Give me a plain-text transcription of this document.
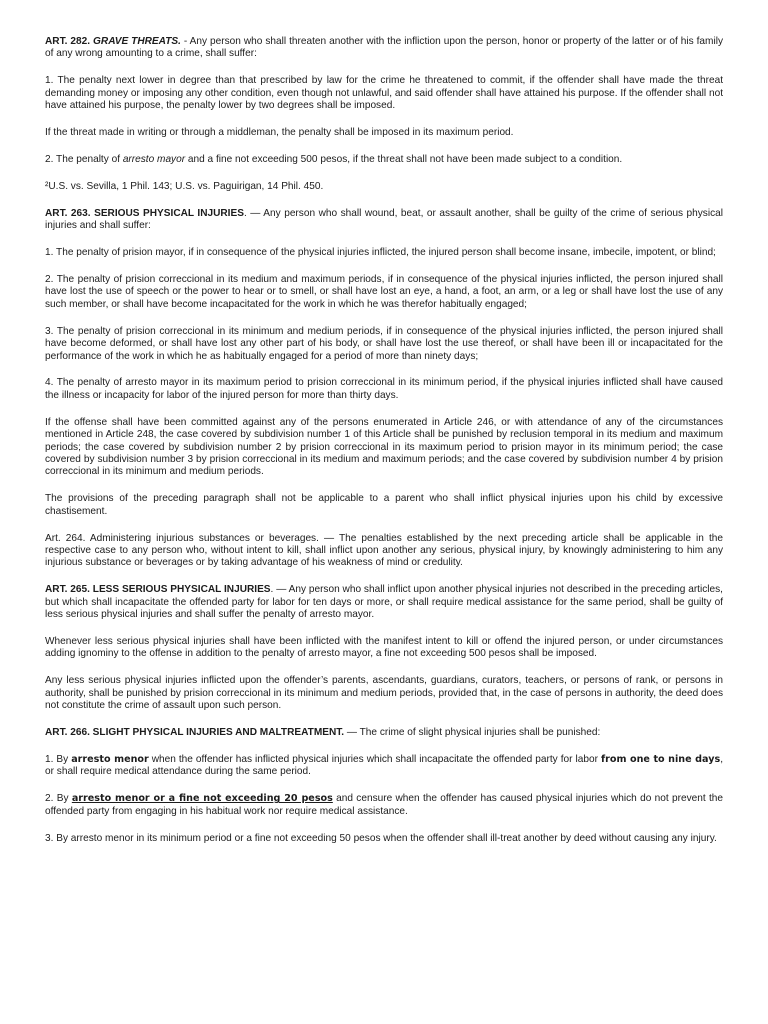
ART. 282. GRAVE THREATS. - Any person who shall threaten another with the infliction upon the person, honor or property of the latter or of his family of any wrong amounting to a crime, shall suffer:

1. The penalty next lower in degree than that prescribed by law for the crime he threatened to commit, if the offender shall have made the threat demanding money or imposing any other condition, even though not unlawful, and said offender shall have attained his purpose. If the offender shall not have attained his purpose, the penalty lower by two degrees shall be imposed.

If the threat made in writing or through a middleman, the penalty shall be imposed in its maximum period.

2. The penalty of arresto mayor and a fine not exceeding 500 pesos, if the threat shall not have been made subject to a condition.

²U.S. vs. Sevilla, 1 Phil. 143; U.S. vs. Paguirigan, 14 Phil. 450.

ART. 263. SERIOUS PHYSICAL INJURIES. — Any person who shall wound, beat, or assault another, shall be guilty of the crime of serious physical injuries and shall suffer:

1. The penalty of prision mayor, if in consequence of the physical injuries inflicted, the injured person shall become insane, imbecile, impotent, or blind;

2. The penalty of prision correccional in its medium and maximum periods, if in consequence of the physical injuries inflicted, the person injured shall have lost the use of speech or the power to hear or to smell, or shall have lost an eye, a hand, a foot, an arm, or a leg or shall have lost the use of any such member, or shall have become incapacitated for the work in which he was therefor habitually engaged;

3. The penalty of prision correccional in its minimum and medium periods, if in consequence of the physical injuries inflicted, the person injured shall have become deformed, or shall have lost any other part of his body, or shall have lost the use thereof, or shall have been ill or incapacitated for the performance of the work in which he as habitually engaged for a period of more than ninety days;

4. The penalty of arresto mayor in its maximum period to prision correccional in its minimum period, if the physical injuries inflicted shall have caused the illness or incapacity for labor of the injured person for more than thirty days.

If the offense shall have been committed against any of the persons enumerated in Article 246, or with attendance of any of the circumstances mentioned in Article 248, the case covered by subdivision number 1 of this Article shall be punished by reclusion temporal in its medium and maximum periods; the case covered by subdivision number 2 by prision correccional in its maximum period to prision mayor in its minimum period; the case covered by subdivision number 3 by prision correccional in its medium and maximum periods; and the case covered by subdivision number 4 by prision correccional in its minimum and medium periods.

The provisions of the preceding paragraph shall not be applicable to a parent who shall inflict physical injuries upon his child by excessive chastisement.

Art. 264. Administering injurious substances or beverages. — The penalties established by the next preceding article shall be applicable in the respective case to any person who, without intent to kill, shall inflict upon another any serious, physical injury, by knowingly administering to him any injurious substance or beverages or by taking advantage of his weakness of mind or credulity.

ART. 265. LESS SERIOUS PHYSICAL INJURIES. — Any person who shall inflict upon another physical injuries not described in the preceding articles, but which shall incapacitate the offended party for labor for ten days or more, or shall require medical assistance for the same period, shall be guilty of less serious physical injuries and shall suffer the penalty of arresto mayor.

Whenever less serious physical injuries shall have been inflicted with the manifest intent to kill or offend the injured person, or under circumstances adding ignominy to the offense in addition to the penalty of arresto mayor, a fine not exceeding 500 pesos shall be imposed.

Any less serious physical injuries inflicted upon the offender’s parents, ascendants, guardians, curators, teachers, or persons of rank, or persons in authority, shall be punished by prision correccional in its minimum and medium periods, provided that, in the case of persons in authority, the deed does not constitute the crime of assault upon such person.

ART. 266. SLIGHT PHYSICAL INJURIES AND MALTREATMENT. — The crime of slight physical injuries shall be punished:

1. By arresto menor when the offender has inflicted physical injuries which shall incapacitate the offended party for labor from one to nine days, or shall require medical attendance during the same period.

2. By arresto menor or a fine not exceeding 20 pesos and censure when the offender has caused physical injuries which do not prevent the offended party from engaging in his habitual work nor require medical assistance.

3. By arresto menor in its minimum period or a fine not exceeding 50 pesos when the offender shall ill-treat another by deed without causing any injury.
